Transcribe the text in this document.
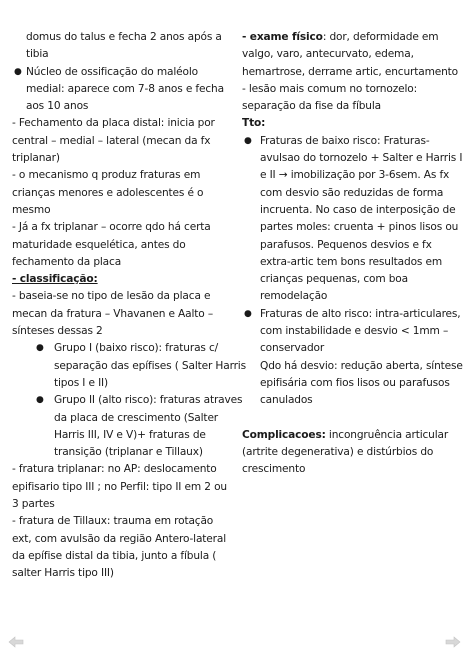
domus do talus e fecha 2 anos após a
tibia
● Núcleo de ossificação do maléolo
medial: aparece com 7-8 anos e fecha
aos 10 anos
- Fechamento da placa distal: inicia por
central – medial – lateral (mecan da fx
triplanar)
- o mecanismo q produz fraturas em
crianças menores e adolescentes é o
mesmo
- Já a fx triplanar – ocorre qdo há certa
maturidade esquelética, antes do
fechamento da placa
- classificação:
- baseia-se no tipo de lesão da placa e
mecan da fratura – Vhavanen e Aalto –
sínteses dessas 2
● Grupo I (baixo risco): fraturas c/
separação das epífises ( Salter Harris
tipos I e II)
● Grupo II (alto risco): fraturas atraves
da placa de crescimento (Salter
Harris III, IV e V)+ fraturas de
transição (triplanar e Tillaux)
- fratura triplanar: no AP: deslocamento
epifisario tipo III ; no Perfil: tipo II em 2 ou
3 partes
- fratura de Tillaux: trauma em rotação
ext, com avulsão da região Antero-lateral
da epífise distal da tibia, junto a fíbula (
salter Harris tipo III)
- exame físico: dor, deformidade em
valgo, varo, antecurvato, edema,
hemartrose, derrame artic, encurtamento
- lesão mais comum no tornozelo:
separação da fise da fíbula
Tto:
● Fraturas de baixo risco: Fraturas-
avulsao do tornozelo + Salter e Harris I
e II → imobilização por 3-6sem. As fx
com desvio são reduzidas de forma
incruenta. No caso de interposição de
partes moles: cruenta + pinos lisos ou
parafusos. Pequenos desvios e fx
extra-artic tem bons resultados em
crianças pequenas, com boa
remodelação
● Fraturas de alto risco: intra-articulares,
com instabilidade e desvio < 1mm –
conservador
Qdo há desvio: redução aberta, síntese
epifisária com fios lisos ou parafusos
canulados
Complicacoes: incongruência articular
(artrite degenerativa) e distúrbios do
crescimento
